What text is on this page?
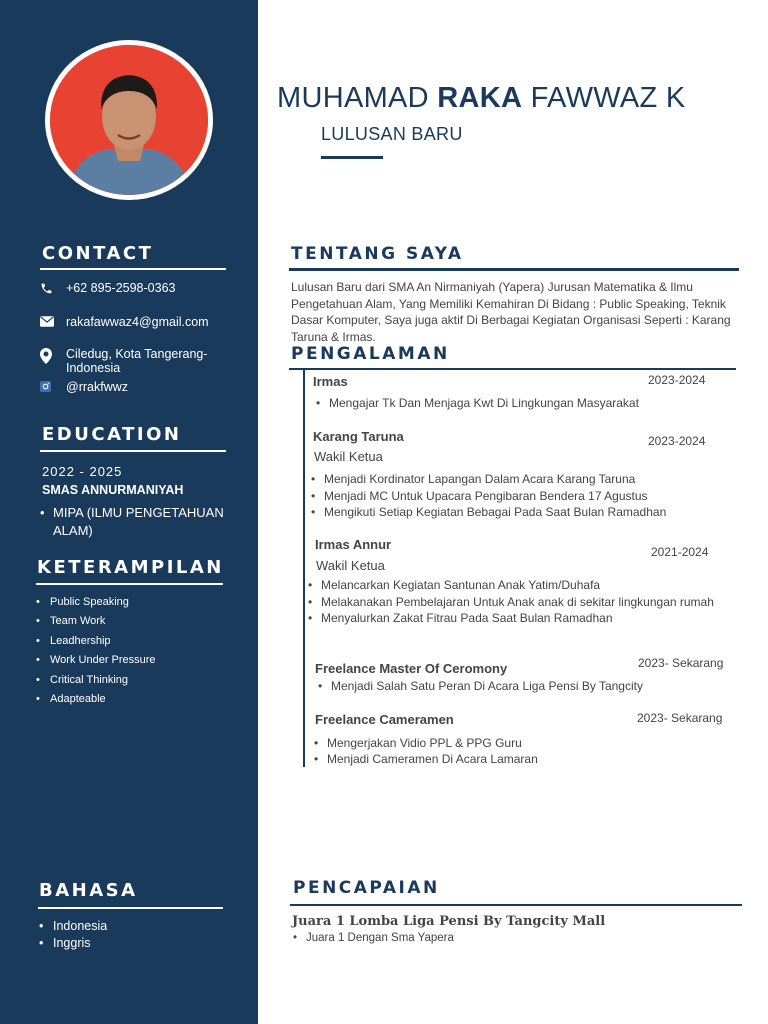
CONTACT
+62 895-2598-0363
rakafawwaz4@gmail.com
Ciledug, Kota Tangerang-
Indonesia
@rrakfwwz
EDUCATION
2022 - 2025
SMAS ANNURMANIYAH
• MIPA (ILMU PENGETAHUAN ALAM)
KETERAMPILAN
• Public Speaking
• Team Work
• Leadhership
• Work Under Pressure
• Critical Thinking
• Adapteable
BAHASA
• Indonesia
• Inggris
MUHAMAD RAKA FAWWAZ K
LULUSAN BARU
TENTANG SAYA
Lulusan Baru dari SMA An Nirmaniyah (Yapera) Jurusan Matematika & Ilmu Pengetahuan Alam, Yang Memiliki Kemahiran Di Bidang : Public Speaking, Teknik Dasar Komputer, Saya juga aktif Di Berbagai Kegiatan Organisasi Seperti : Karang Taruna & Irmas.
PENGALAMAN
Irmas	2023-2024
• Mengajar Tk Dan Menjaga Kwt Di Lingkungan Masyarakat
Karang Taruna	2023-2024
Wakil Ketua
• Menjadi Kordinator Lapangan Dalam Acara Karang Taruna
• Menjadi MC Untuk Upacara Pengibaran Bendera 17 Agustus
• Mengikuti Setiap Kegiatan Bebagai Pada Saat Bulan Ramadhan
Irmas Annur	2021-2024
Wakil Ketua
• Melancarkan Kegiatan Santunan Anak Yatim/Duhafa
• Melakanakan Pembelajaran Untuk Anak anak di sekitar lingkungan rumah
• Menyalurkan Zakat Fitrau Pada Saat Bulan Ramadhan
Freelance Master Of Ceromony	2023- Sekarang
• Menjadi Salah Satu Peran Di Acara Liga Pensi By Tangcity
Freelance Cameramen	2023- Sekarang
• Mengerjakan Vidio PPL & PPG Guru
• Menjadi Cameramen Di Acara Lamaran
PENCAPAIAN
Juara 1 Lomba Liga Pensi By Tangcity Mall
• Juara 1 Dengan Sma Yapera
